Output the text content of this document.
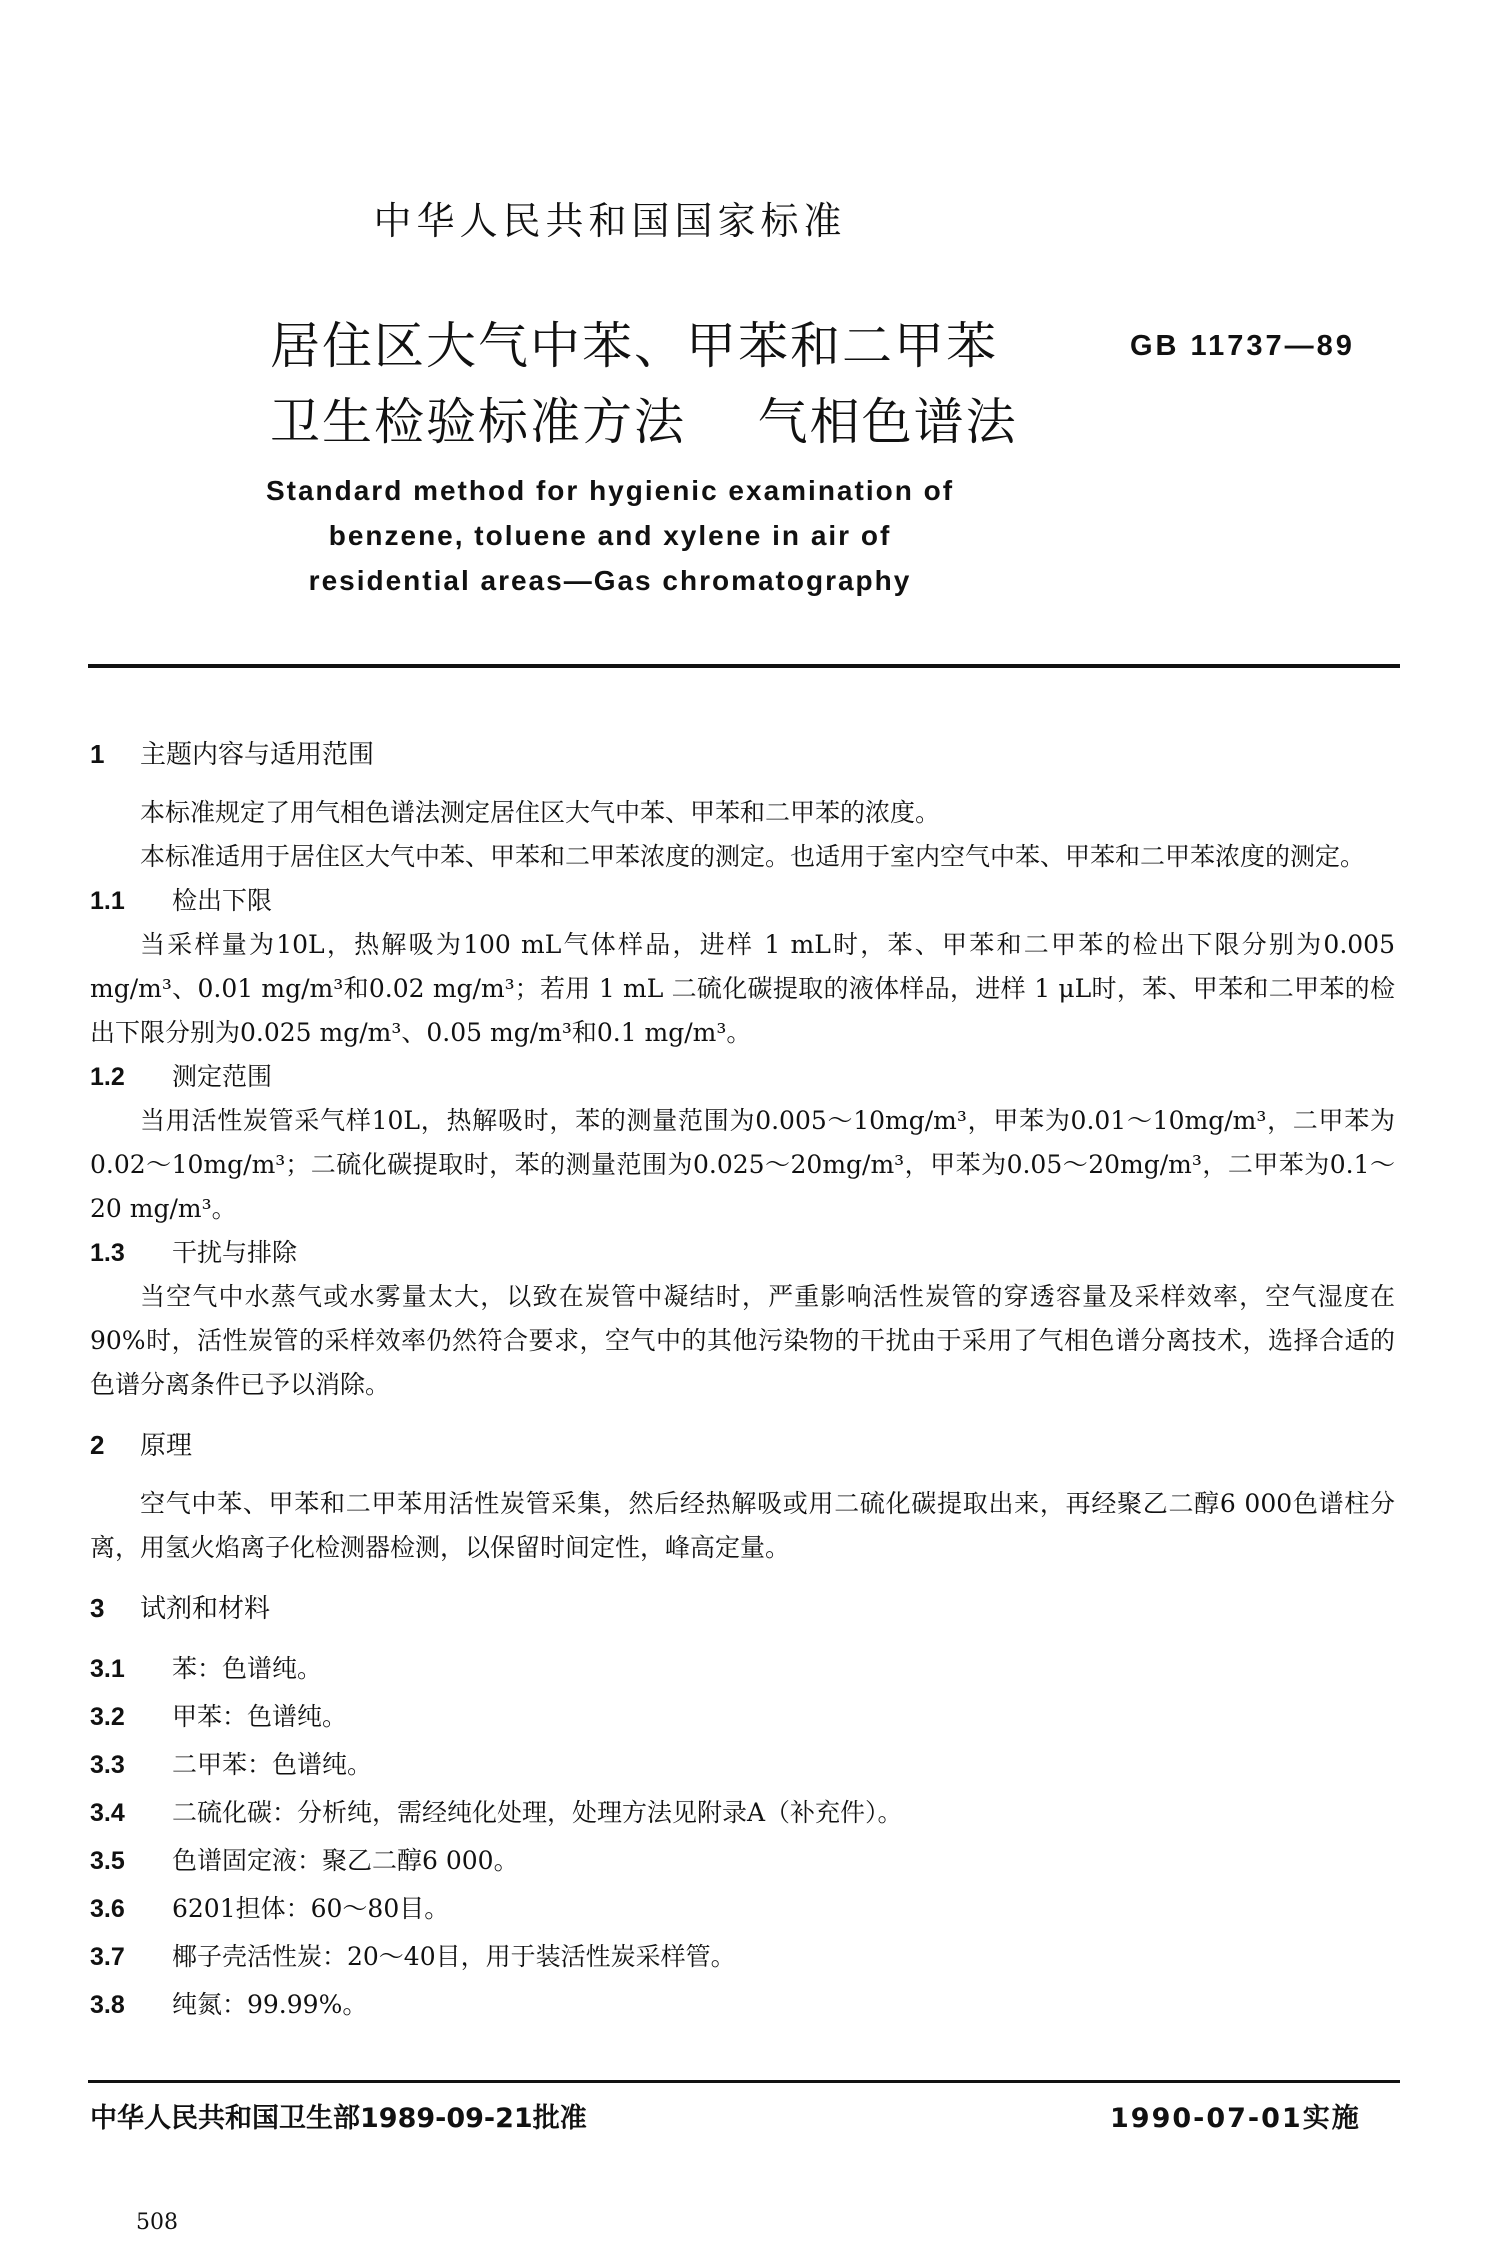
中华人民共和国国家标准
居住区大气中苯、甲苯和二甲苯
卫生检验标准方法    气相色谱法
GB 11737—89
Standard method for hygienic examination of
benzene, toluene and xylene in air of
residential areas—Gas chromatography
1 主题内容与适用范围
本标准规定了用气相色谱法测定居住区大气中苯、甲苯和二甲苯的浓度。
本标准适用于居住区大气中苯、甲苯和二甲苯浓度的测定。也适用于室内空气中苯、甲苯和二甲苯浓度的测定。
1.1 检出下限
当采样量为10L，热解吸为100 mL气体样品，进样 1 mL时，苯、甲苯和二甲苯的检出下限分别为0.005 mg/m³、0.01 mg/m³和0.02 mg/m³；若用 1 mL 二硫化碳提取的液体样品，进样 1 μL时，苯、甲苯和二甲苯的检出下限分别为0.025 mg/m³、0.05 mg/m³和0.1 mg/m³。
1.2 测定范围
当用活性炭管采气样10L，热解吸时，苯的测量范围为0.005～10mg/m³，甲苯为0.01～10mg/m³，二甲苯为0.02～10mg/m³；二硫化碳提取时，苯的测量范围为0.025～20mg/m³，甲苯为0.05～20mg/m³，二甲苯为0.1～20 mg/m³。
1.3 干扰与排除
当空气中水蒸气或水雾量太大，以致在炭管中凝结时，严重影响活性炭管的穿透容量及采样效率，空气湿度在90%时，活性炭管的采样效率仍然符合要求，空气中的其他污染物的干扰由于采用了气相色谱分离技术，选择合适的色谱分离条件已予以消除。
2 原理
空气中苯、甲苯和二甲苯用活性炭管采集，然后经热解吸或用二硫化碳提取出来，再经聚乙二醇6 000色谱柱分离，用氢火焰离子化检测器检测，以保留时间定性，峰高定量。
3 试剂和材料
3.1 苯：色谱纯。
3.2 甲苯：色谱纯。
3.3 二甲苯：色谱纯。
3.4 二硫化碳：分析纯，需经纯化处理，处理方法见附录A（补充件）。
3.5 色谱固定液：聚乙二醇6 000。
3.6 6201担体：60～80目。
3.7 椰子壳活性炭：20～40目，用于装活性炭采样管。
3.8 纯氮：99.99%。
中华人民共和国卫生部1989-09-21批准	1990-07-01实施
508
